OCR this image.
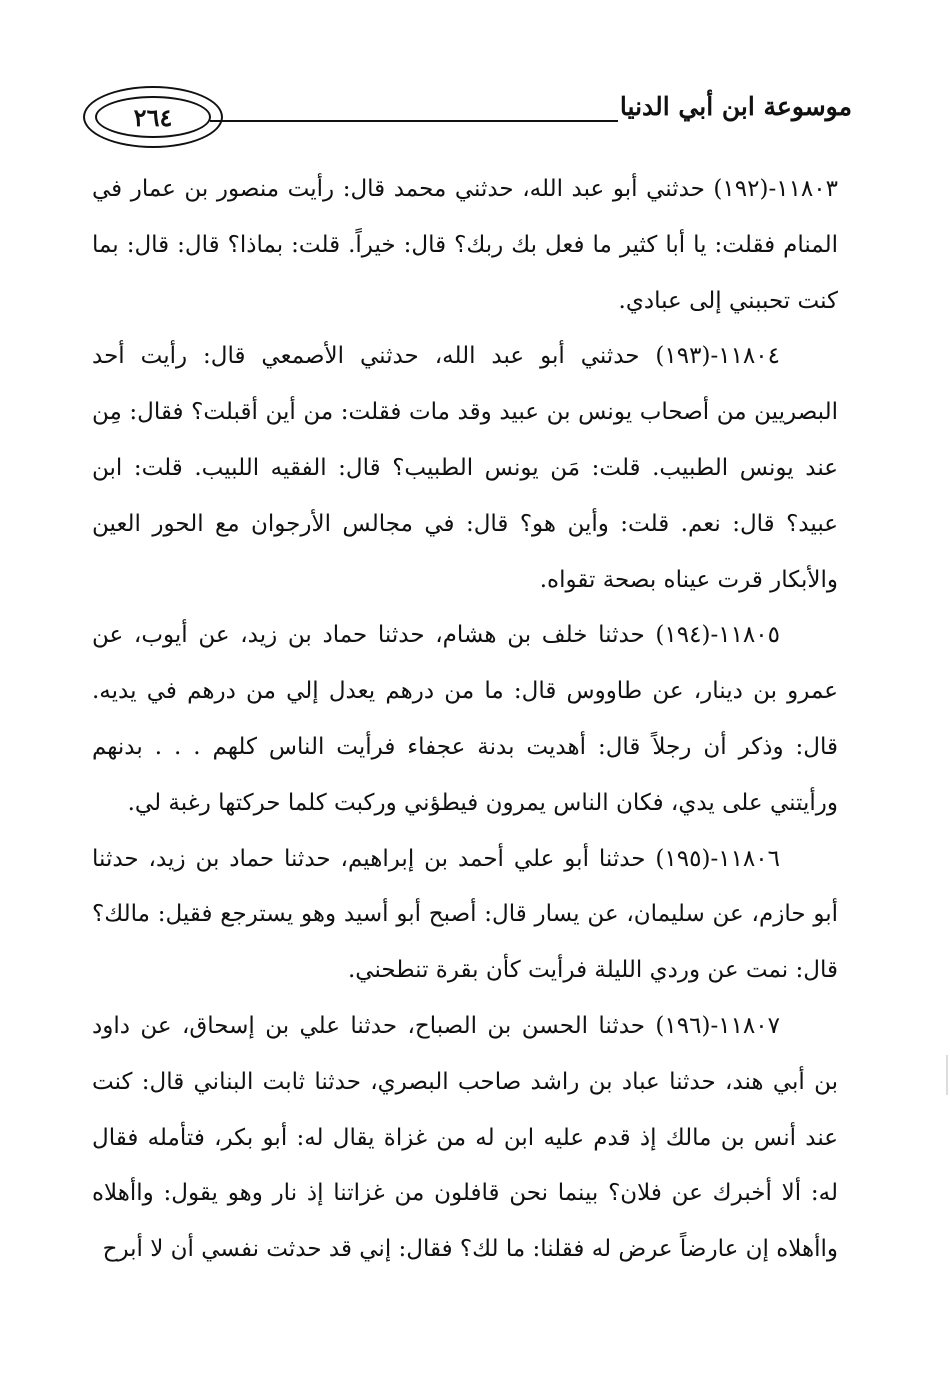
موسوعة ابن أبي الدنيا
٢٦٤

١١٨٠٣-(١٩٢) حدثني أبو عبد الله، حدثني محمد قال: رأيت منصور بن عمار في المنام فقلت: يا أبا كثير ما فعل بك ربك؟ قال: خيراً. قلت: بماذا؟ قال: قال: بما كنت تحببني إلى عبادي.

١١٨٠٤-(١٩٣) حدثني أبو عبد الله، حدثني الأصمعي قال: رأيت أحد البصريين من أصحاب يونس بن عبيد وقد مات فقلت: من أين أقبلت؟ فقال: مِن عند يونس الطبيب. قلت: مَن يونس الطبيب؟ قال: الفقيه اللبيب. قلت: ابن عبيد؟ قال: نعم. قلت: وأين هو؟ قال: في مجالس الأرجوان مع الحور العين والأبكار قرت عيناه بصحة تقواه.

١١٨٠٥-(١٩٤) حدثنا خلف بن هشام، حدثنا حماد بن زيد، عن أيوب، عن عمرو بن دينار، عن طاووس قال: ما من درهم يعدل إلي من درهم في يديه. قال: وذكر أن رجلاً قال: أهديت بدنة عجفاء فرأيت الناس كلهم . . . بدنهم ورأيتني على يدي، فكان الناس يمرون فيطؤني وركبت كلما حركتها رغبة لي.

١١٨٠٦-(١٩٥) حدثنا أبو علي أحمد بن إبراهيم، حدثنا حماد بن زيد، حدثنا أبو حازم، عن سليمان، عن يسار قال: أصبح أبو أسيد وهو يسترجع فقيل: مالك؟ قال: نمت عن وردي الليلة فرأيت كأن بقرة تنطحني.

١١٨٠٧-(١٩٦) حدثنا الحسن بن الصباح، حدثنا علي بن إسحاق، عن داود بن أبي هند، حدثنا عباد بن راشد صاحب البصري، حدثنا ثابت البناني قال: كنت عند أنس بن مالك إذ قدم عليه ابن له من غزاة يقال له: أبو بكر، فتأمله فقال له: ألا أخبرك عن فلان؟ بينما نحن قافلون من غزاتنا إذ نار وهو يقول: واأهلاه واأهلاه إن عارضاً عرض له فقلنا: ما لك؟ فقال: إني قد حدثت نفسي أن لا أبرح
